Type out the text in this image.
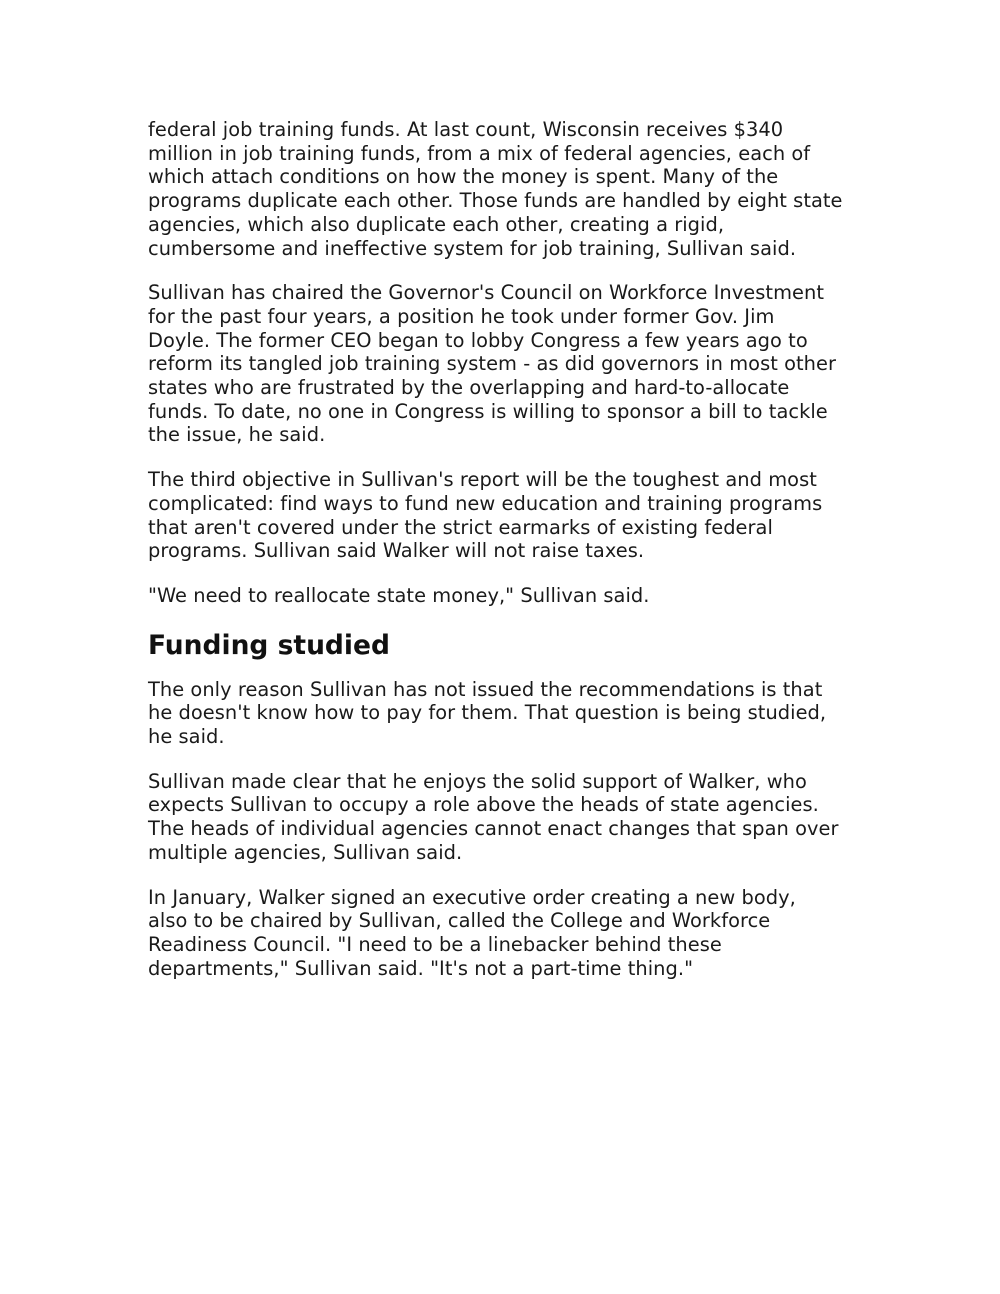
federal job training funds. At last count, Wisconsin receives $340
million in job training funds, from a mix of federal agencies, each of
which attach conditions on how the money is spent. Many of the
programs duplicate each other. Those funds are handled by eight state
agencies, which also duplicate each other, creating a rigid,
cumbersome and ineffective system for job training, Sullivan said.

Sullivan has chaired the Governor's Council on Workforce Investment
for the past four years, a position he took under former Gov. Jim
Doyle. The former CEO began to lobby Congress a few years ago to
reform its tangled job training system - as did governors in most other
states who are frustrated by the overlapping and hard-to-allocate
funds. To date, no one in Congress is willing to sponsor a bill to tackle
the issue, he said.

The third objective in Sullivan's report will be the toughest and most
complicated: find ways to fund new education and training programs
that aren't covered under the strict earmarks of existing federal
programs. Sullivan said Walker will not raise taxes.

"We need to reallocate state money," Sullivan said.

Funding studied

The only reason Sullivan has not issued the recommendations is that
he doesn't know how to pay for them. That question is being studied,
he said.

Sullivan made clear that he enjoys the solid support of Walker, who
expects Sullivan to occupy a role above the heads of state agencies.
The heads of individual agencies cannot enact changes that span over
multiple agencies, Sullivan said.

In January, Walker signed an executive order creating a new body,
also to be chaired by Sullivan, called the College and Workforce
Readiness Council. "I need to be a linebacker behind these
departments," Sullivan said. "It's not a part-time thing."
